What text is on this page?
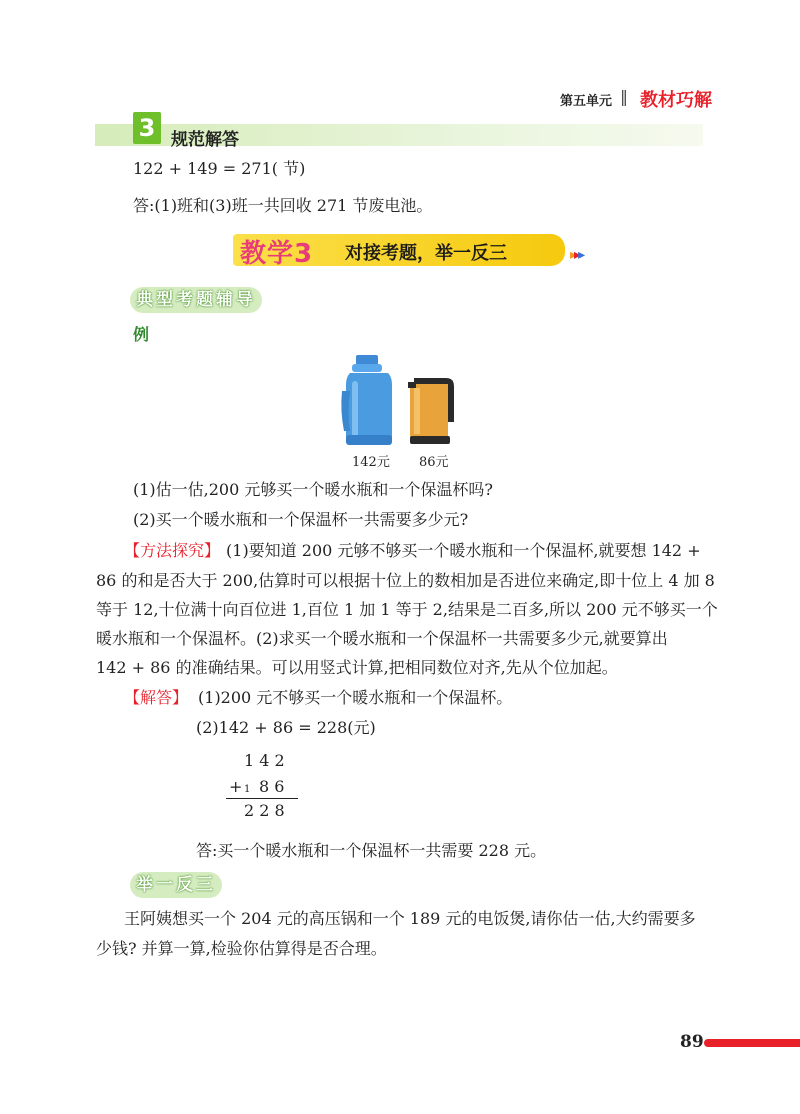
第五单元 ‖ 教材巧解
3 规范解答
122 + 149 = 271( 节)
答:(1)班和(3)班一共回收 271 节废电池。
教学3 对接考题，举一反三	▸▸▸
典型考题辅导
例
142元 86元
(1)估一估,200 元够买一个暖水瓶和一个保温杯吗?
(2)买一个暖水瓶和一个保温杯一共需要多少元?
【方法探究】 (1)要知道 200 元够不够买一个暖水瓶和一个保温杯,就要想 142 +
86 的和是否大于 200,估算时可以根据十位上的数相加是否进位来确定,即十位上 4 加 8
等于 12,十位满十向百位进 1,百位 1 加 1 等于 2,结果是二百多,所以 200 元不够买一个
暖水瓶和一个保温杯。(2)求买一个暖水瓶和一个保温杯一共需要多少元,就要算出
142 + 86 的准确结果。可以用竖式计算,把相同数位对齐,先从个位加起。
【解答】 (1)200 元不够买一个暖水瓶和一个保温杯。
(2)142 + 86 = 228(元)
1 4 2
+ 1 8 6
2 2 8
答:买一个暖水瓶和一个保温杯一共需要 228 元。
举一反三
王阿姨想买一个 204 元的高压锅和一个 189 元的电饭煲,请你估一估,大约需要多
少钱? 并算一算,检验你估算得是否合理。
89
